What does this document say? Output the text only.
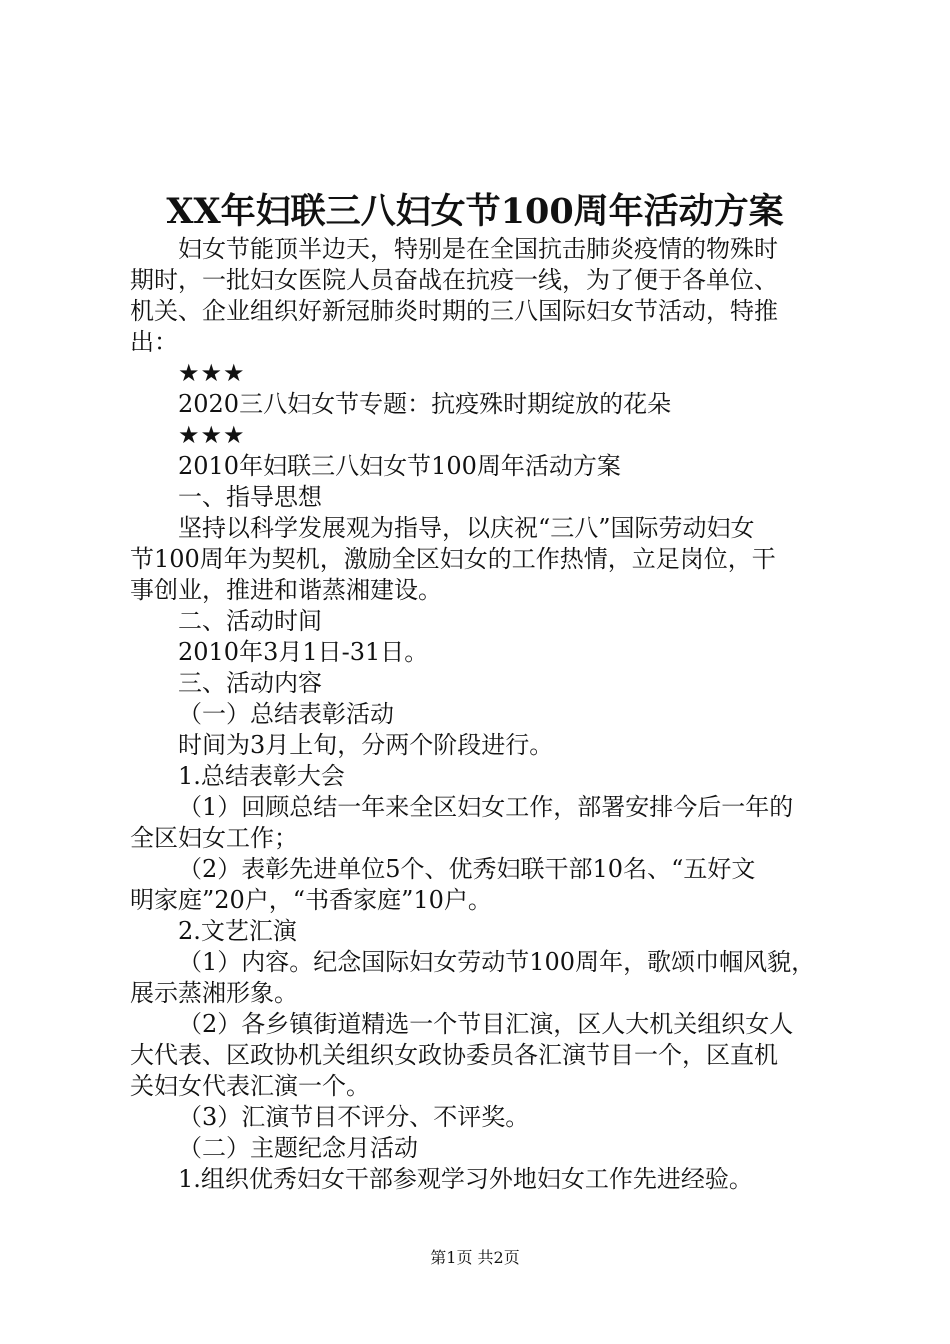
XX年妇联三八妇女节100周年活动方案
妇女节能顶半边天，特别是在全国抗击肺炎疫情的物殊时
期时，一批妇女医院人员奋战在抗疫一线，为了便于各单位、
机关、企业组织好新冠肺炎时期的三八国际妇女节活动，特推
出：
★★★
2020三八妇女节专题：抗疫殊时期绽放的花朵
★★★
2010年妇联三八妇女节100周年活动方案
一、指导思想
坚持以科学发展观为指导，以庆祝“三八”国际劳动妇女
节100周年为契机，激励全区妇女的工作热情，立足岗位，干
事创业，推进和谐蒸湘建设。
二、活动时间
2010年3月1日-31日。
三、活动内容
（一）总结表彰活动
时间为3月上旬，分两个阶段进行。
1.总结表彰大会
（1）回顾总结一年来全区妇女工作，部署安排今后一年的
全区妇女工作；
（2）表彰先进单位5个、优秀妇联干部10名、“五好文
明家庭”20户，“书香家庭”10户。
2.文艺汇演
（1）内容。纪念国际妇女劳动节100周年，歌颂巾帼风貌，
展示蒸湘形象。
（2）各乡镇街道精选一个节目汇演，区人大机关组织女人
大代表、区政协机关组织女政协委员各汇演节目一个，区直机
关妇女代表汇演一个。
（3）汇演节目不评分、不评奖。
（二）主题纪念月活动
1.组织优秀妇女干部参观学习外地妇女工作先进经验。
第1页 共2页
